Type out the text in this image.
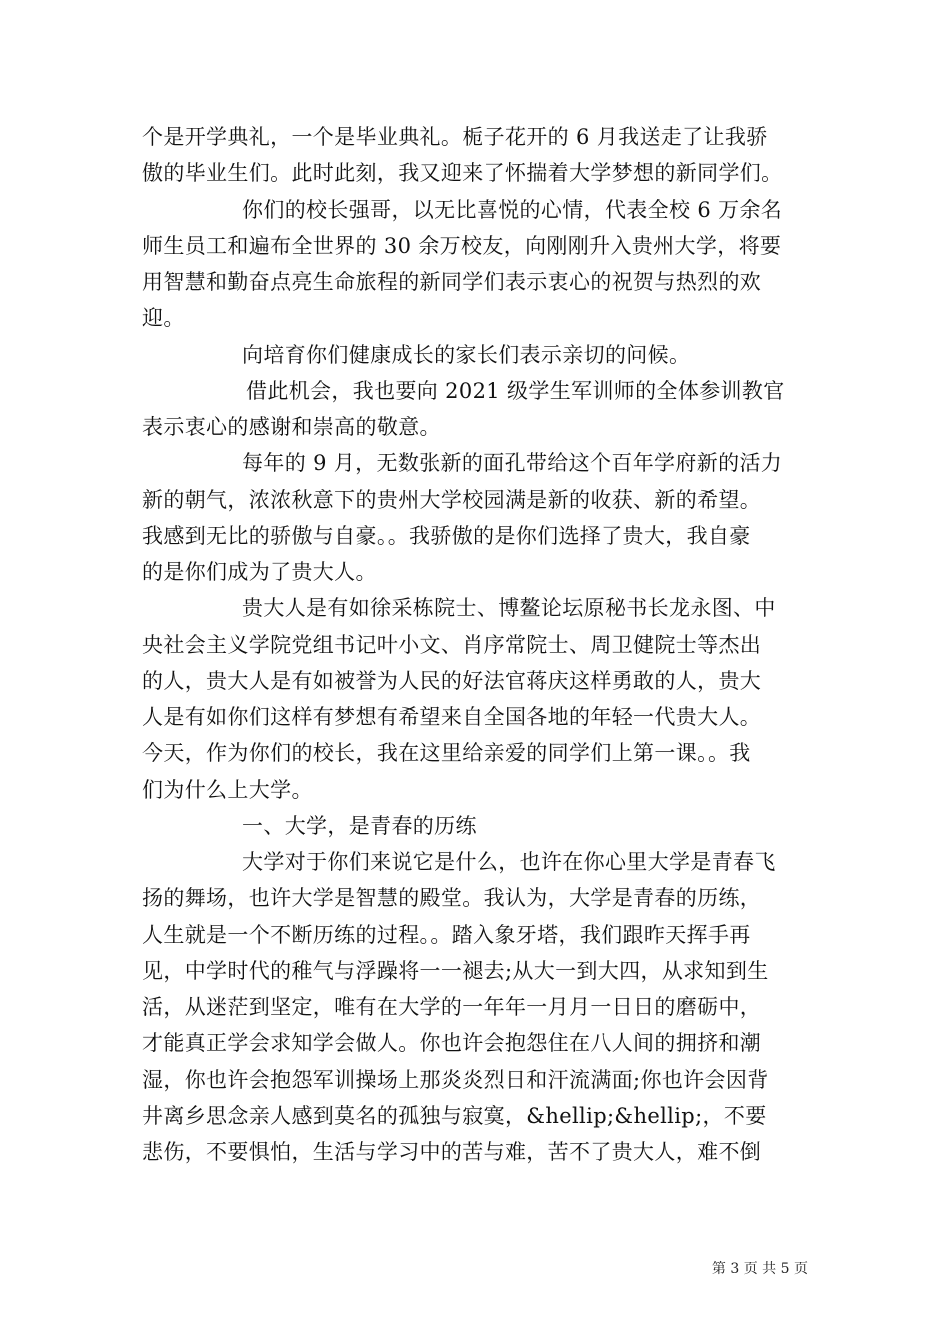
个是开学典礼，一个是毕业典礼。栀子花开的 6 月我送走了让我骄
傲的毕业生们。此时此刻，我又迎来了怀揣着大学梦想的新同学们。
你们的校长强哥，以无比喜悦的心情，代表全校 6 万余名
师生员工和遍布全世界的 30 余万校友，向刚刚升入贵州大学，将要
用智慧和勤奋点亮生命旅程的新同学们表示衷心的祝贺与热烈的欢
迎。
向培育你们健康成长的家长们表示亲切的问候。
借此机会，我也要向 2021 级学生军训师的全体参训教官
表示衷心的感谢和崇高的敬意。
每年的 9 月，无数张新的面孔带给这个百年学府新的活力
新的朝气，浓浓秋意下的贵州大学校园满是新的收获、新的希望。
我感到无比的骄傲与自豪。。我骄傲的是你们选择了贵大，我自豪
的是你们成为了贵大人。
贵大人是有如徐采栋院士、博鳌论坛原秘书长龙永图、中
央社会主义学院党组书记叶小文、肖序常院士、周卫健院士等杰出
的人，贵大人是有如被誉为人民的好法官蒋庆这样勇敢的人，贵大
人是有如你们这样有梦想有希望来自全国各地的年轻一代贵大人。
今天，作为你们的校长，我在这里给亲爱的同学们上第一课。。我
们为什么上大学。
一、大学，是青春的历练
大学对于你们来说它是什么，也许在你心里大学是青春飞
扬的舞场，也许大学是智慧的殿堂。我认为，大学是青春的历练，
人生就是一个不断历练的过程。。踏入象牙塔，我们跟昨天挥手再
见，中学时代的稚气与浮躁将一一褪去;从大一到大四，从求知到生
活，从迷茫到坚定，唯有在大学的一年年一月月一日日的磨砺中，
才能真正学会求知学会做人。你也许会抱怨住在八人间的拥挤和潮
湿，你也许会抱怨军训操场上那炎炎烈日和汗流满面;你也许会因背
井离乡思念亲人感到莫名的孤独与寂寞，&hellip;&hellip;，不要
悲伤，不要惧怕，生活与学习中的苦与难，苦不了贵大人，难不倒
第 3 页 共 5 页
